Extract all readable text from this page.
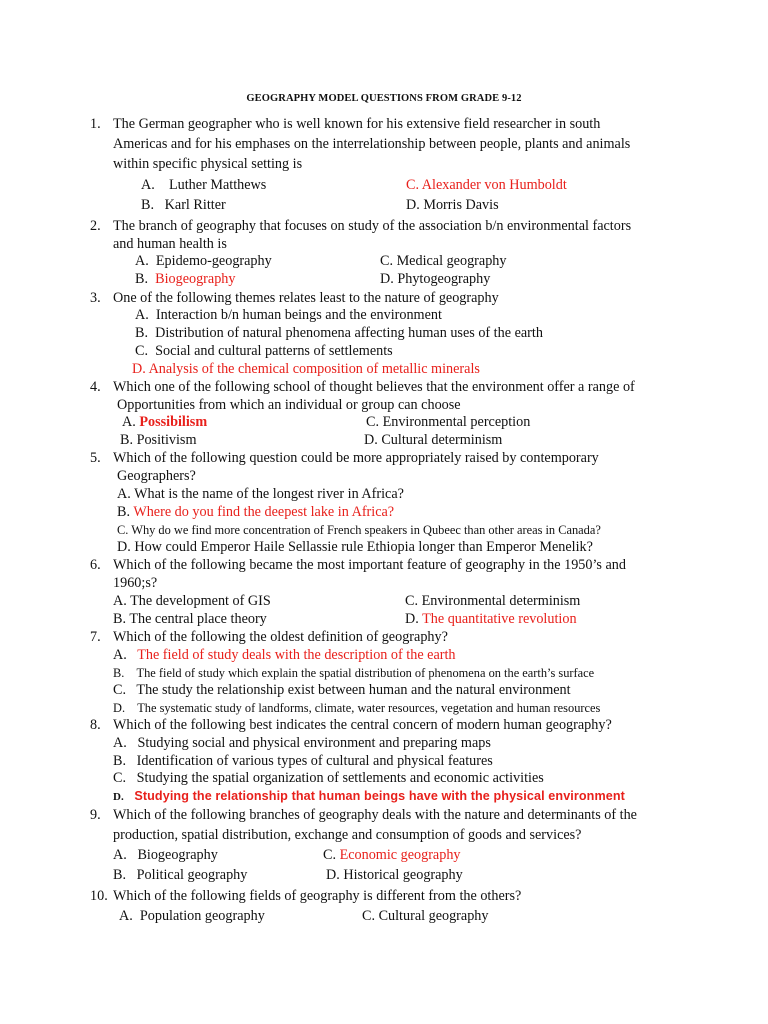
GEOGRAPHY MODEL QUESTIONS FROM GRADE 9-12
1. The German geographer who is well known for his extensive field researcher in south
Americas and for his emphases on the interrelationship between people, plants and animals
within specific physical setting is
A. Luther Matthews	C. Alexander von Humboldt
B. Karl Ritter	D. Morris Davis
2. The branch of geography that focuses on study of the association b/n environmental factors
and human health is
A. Epidemo-geography	C. Medical geography
B. Biogeography	D. Phytogeography
3. One of the following themes relates least to the nature of geography
A. Interaction b/n human beings and the environment
B. Distribution of natural phenomena affecting human uses of the earth
C. Social and cultural patterns of settlements
D. Analysis of the chemical composition of metallic minerals
4. Which one of the following school of thought believes that the environment offer a range of
Opportunities from which an individual or group can choose
A. Possibilism	C. Environmental perception
B. Positivism	D. Cultural determinism
5. Which of the following question could be more appropriately raised by contemporary
Geographers?
A. What is the name of the longest river in Africa?
B. Where do you find the deepest lake in Africa?
C. Why do we find more concentration of French speakers in Qubeec than other areas in Canada?
D. How could Emperor Haile Sellassie rule Ethiopia longer than Emperor Menelik?
6. Which of the following became the most important feature of geography in the 1950’s and
1960;s?
A. The development of GIS	C. Environmental determinism
B. The central place theory	D. The quantitative revolution
7. Which of the following the oldest definition of geography?
A. The field of study deals with the description of the earth
B. The field of study which explain the spatial distribution of phenomena on the earth’s surface
C. The study the relationship exist between human and the natural environment
D. The systematic study of landforms, climate, water resources, vegetation and human resources
8. Which of the following best indicates the central concern of modern human geography?
A. Studying social and physical environment and preparing maps
B. Identification of various types of cultural and physical features
C. Studying the spatial organization of settlements and economic activities
D. Studying the relationship that human beings have with the physical environment
9. Which of the following branches of geography deals with the nature and determinants of the
production, spatial distribution, exchange and consumption of goods and services?
A. Biogeography	C. Economic geography
B. Political geography	D. Historical geography
10. Which of the following fields of geography is different from the others?
A. Population geography	C. Cultural geography
